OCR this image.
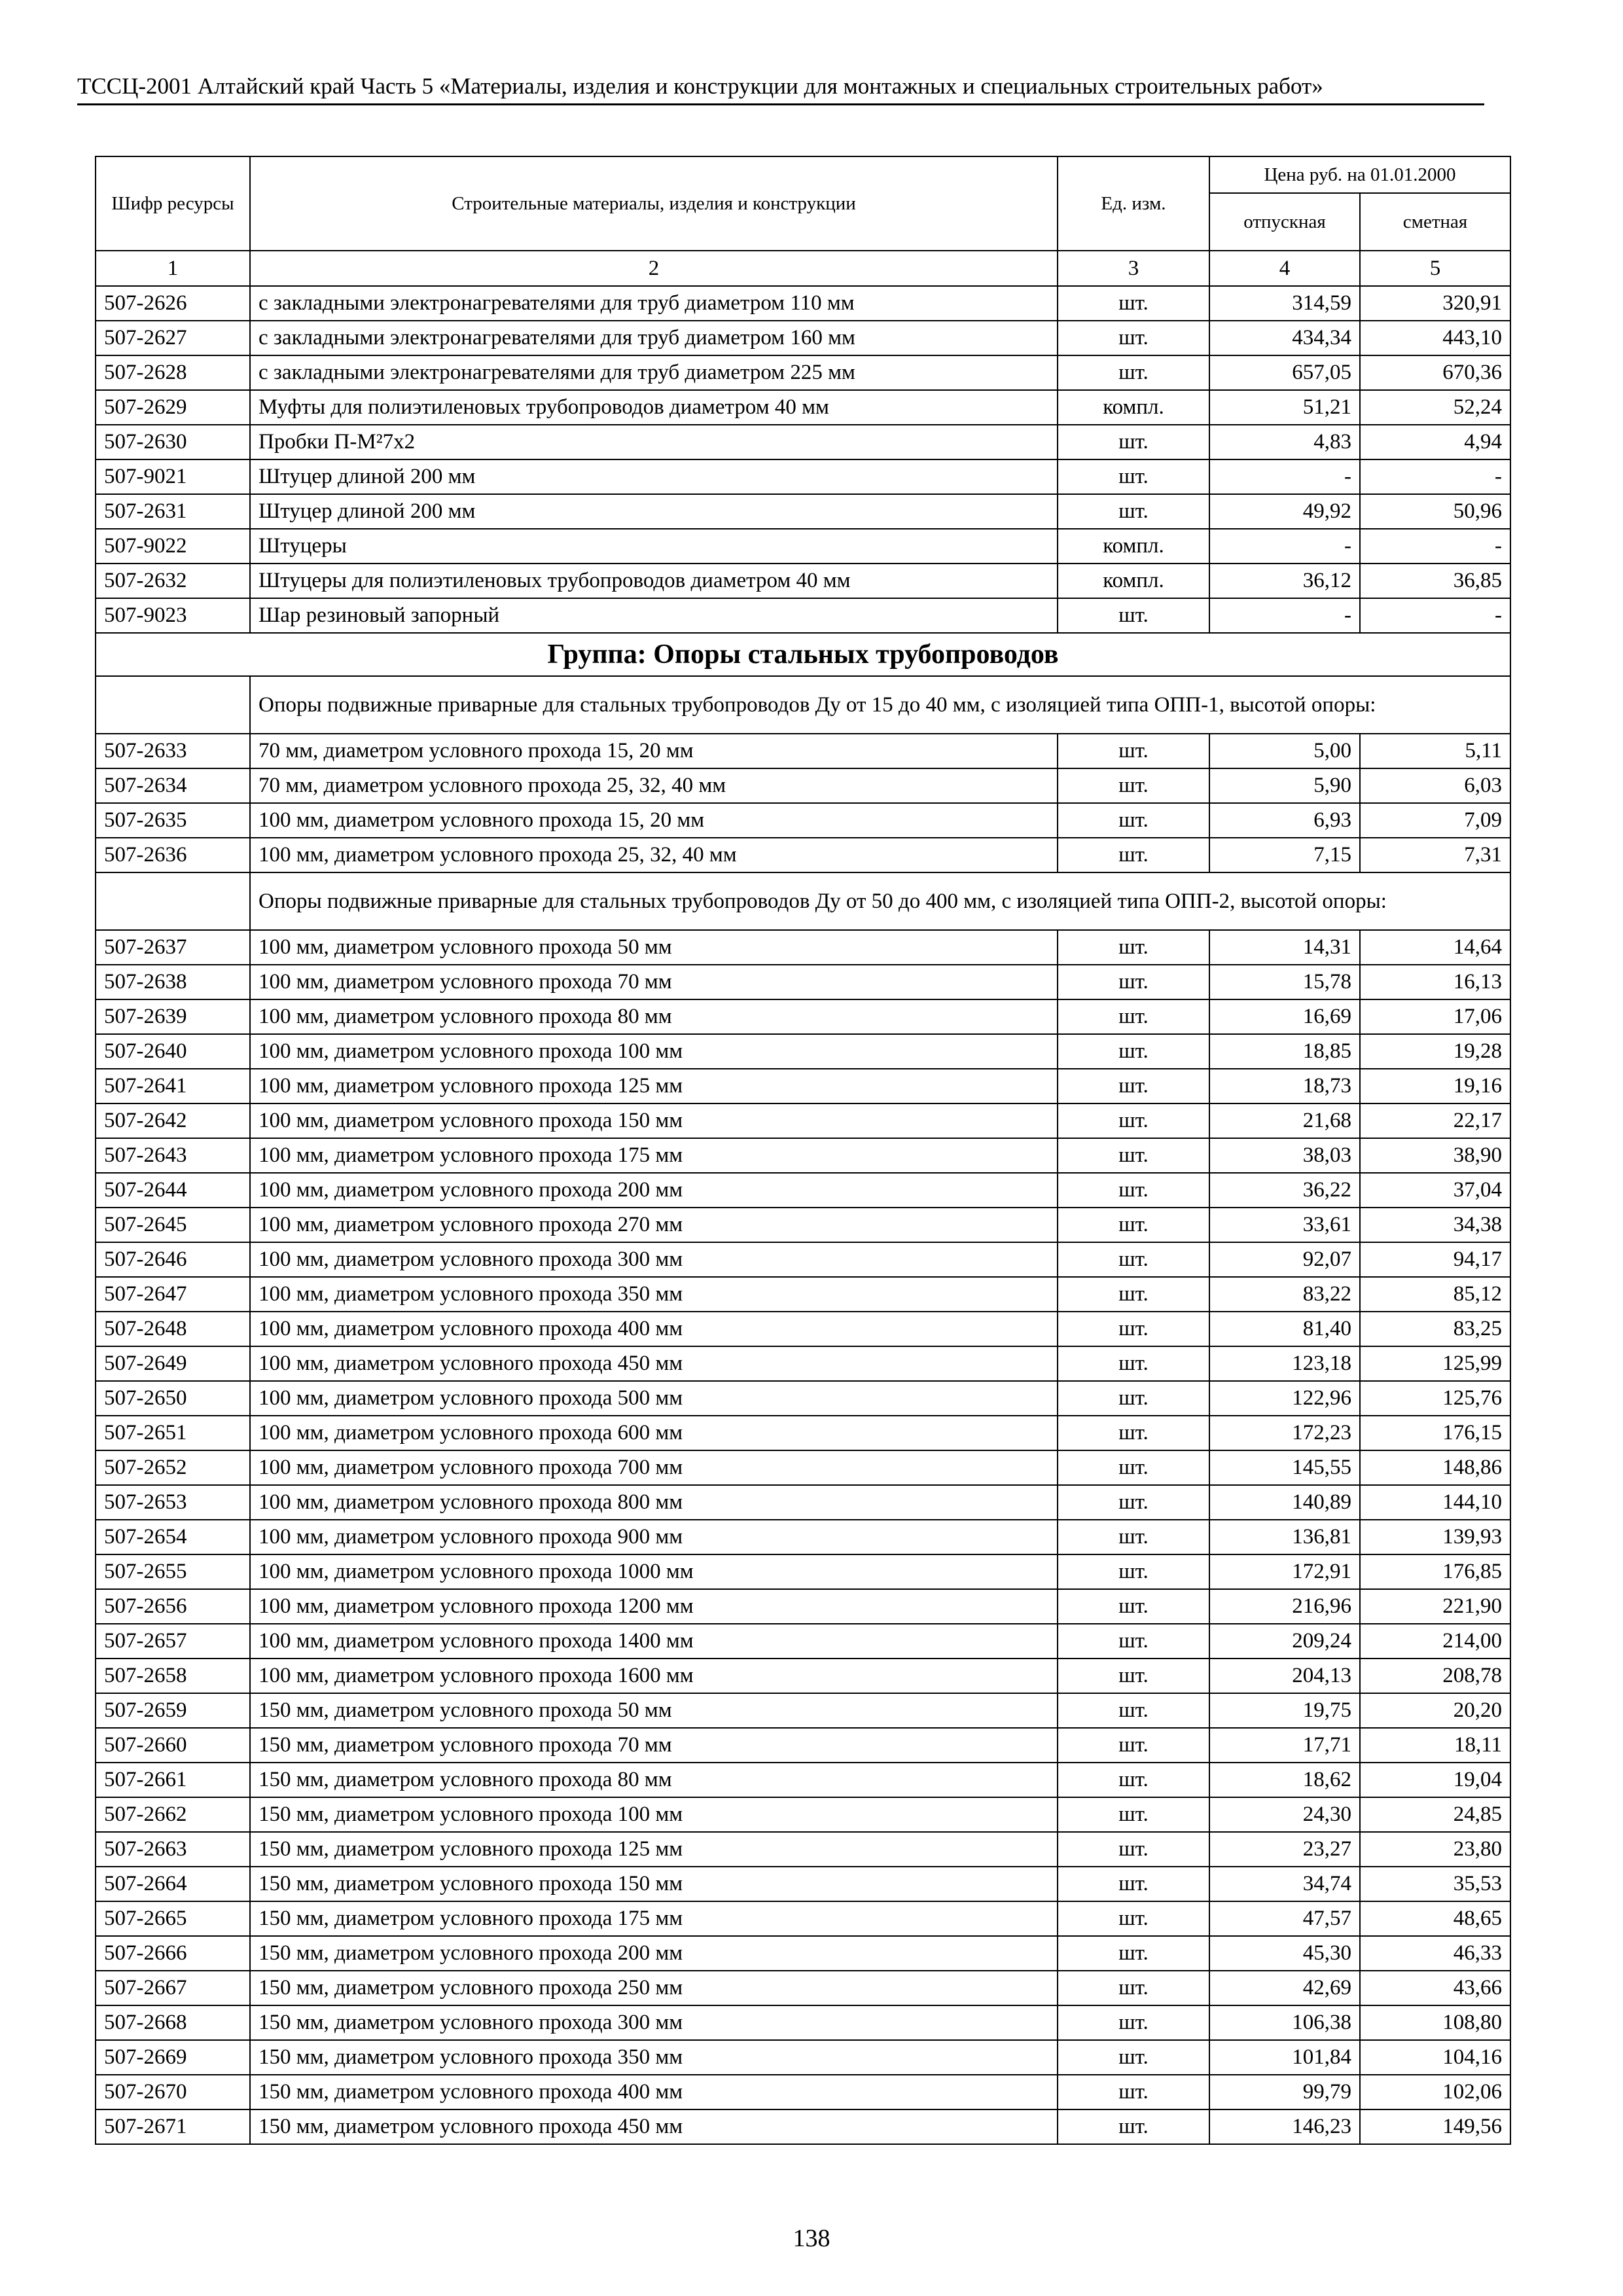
ТССЦ-2001 Алтайский край Часть 5 «Материалы, изделия и конструкции для монтажных и специальных строительных работ»
Шифр ресурсы	Строительные материалы, изделия и конструкции	Ед. изм.	Цена руб. на 01.01.2000	
			отпускная	сметная
1	2	3	4	5
507-2626	с закладными электронагревателями для труб диаметром 110 мм	шт.	314,59	320,91
507-2627	с закладными электронагревателями для труб диаметром 160 мм	шт.	434,34	443,10
507-2628	с закладными электронагревателями для труб диаметром 225 мм	шт.	657,05	670,36
507-2629	Муфты для полиэтиленовых трубопроводов диаметром 40 мм	компл.	51,21	52,24
507-2630	Пробки П-М²7х2	шт.	4,83	4,94
507-9021	Штуцер длиной 200 мм	шт.	-	-
507-2631	Штуцер длиной 200 мм	шт.	49,92	50,96
507-9022	Штуцеры	компл.	-	-
507-2632	Штуцеры для полиэтиленовых трубопроводов диаметром 40 мм	компл.	36,12	36,85
507-9023	Шар резиновый запорный	шт.	-	-
Группа: Опоры стальных трубопроводов				
	Опоры подвижные приварные для стальных трубопроводов Ду от 15 до 40 мм, с изоляцией типа ОПП-1, высотой опоры:			
507-2633	70 мм, диаметром условного прохода 15, 20 мм	шт.	5,00	5,11
507-2634	70 мм, диаметром условного прохода 25, 32, 40 мм	шт.	5,90	6,03
507-2635	100 мм, диаметром условного прохода 15, 20 мм	шт.	6,93	7,09
507-2636	100 мм, диаметром условного прохода 25, 32, 40 мм	шт.	7,15	7,31
	Опоры подвижные приварные для стальных трубопроводов Ду от 50 до 400 мм, с изоляцией типа ОПП-2, высотой опоры:			
507-2637	100 мм, диаметром условного прохода 50 мм	шт.	14,31	14,64
507-2638	100 мм, диаметром условного прохода 70 мм	шт.	15,78	16,13
507-2639	100 мм, диаметром условного прохода 80 мм	шт.	16,69	17,06
507-2640	100 мм, диаметром условного прохода 100 мм	шт.	18,85	19,28
507-2641	100 мм, диаметром условного прохода 125 мм	шт.	18,73	19,16
507-2642	100 мм, диаметром условного прохода 150 мм	шт.	21,68	22,17
507-2643	100 мм, диаметром условного прохода 175 мм	шт.	38,03	38,90
507-2644	100 мм, диаметром условного прохода 200 мм	шт.	36,22	37,04
507-2645	100 мм, диаметром условного прохода 270 мм	шт.	33,61	34,38
507-2646	100 мм, диаметром условного прохода 300 мм	шт.	92,07	94,17
507-2647	100 мм, диаметром условного прохода 350 мм	шт.	83,22	85,12
507-2648	100 мм, диаметром условного прохода 400 мм	шт.	81,40	83,25
507-2649	100 мм, диаметром условного прохода 450 мм	шт.	123,18	125,99
507-2650	100 мм, диаметром условного прохода 500 мм	шт.	122,96	125,76
507-2651	100 мм, диаметром условного прохода 600 мм	шт.	172,23	176,15
507-2652	100 мм, диаметром условного прохода 700 мм	шт.	145,55	148,86
507-2653	100 мм, диаметром условного прохода 800 мм	шт.	140,89	144,10
507-2654	100 мм, диаметром условного прохода 900 мм	шт.	136,81	139,93
507-2655	100 мм, диаметром условного прохода 1000 мм	шт.	172,91	176,85
507-2656	100 мм, диаметром условного прохода 1200 мм	шт.	216,96	221,90
507-2657	100 мм, диаметром условного прохода 1400 мм	шт.	209,24	214,00
507-2658	100 мм, диаметром условного прохода 1600 мм	шт.	204,13	208,78
507-2659	150 мм, диаметром условного прохода 50 мм	шт.	19,75	20,20
507-2660	150 мм, диаметром условного прохода 70 мм	шт.	17,71	18,11
507-2661	150 мм, диаметром условного прохода 80 мм	шт.	18,62	19,04
507-2662	150 мм, диаметром условного прохода 100 мм	шт.	24,30	24,85
507-2663	150 мм, диаметром условного прохода 125 мм	шт.	23,27	23,80
507-2664	150 мм, диаметром условного прохода 150 мм	шт.	34,74	35,53
507-2665	150 мм, диаметром условного прохода 175 мм	шт.	47,57	48,65
507-2666	150 мм, диаметром условного прохода 200 мм	шт.	45,30	46,33
507-2667	150 мм, диаметром условного прохода 250 мм	шт.	42,69	43,66
507-2668	150 мм, диаметром условного прохода 300 мм	шт.	106,38	108,80
507-2669	150 мм, диаметром условного прохода 350 мм	шт.	101,84	104,16
507-2670	150 мм, диаметром условного прохода 400 мм	шт.	99,79	102,06
507-2671	150 мм, диаметром условного прохода 450 мм	шт.	146,23	149,56
138
